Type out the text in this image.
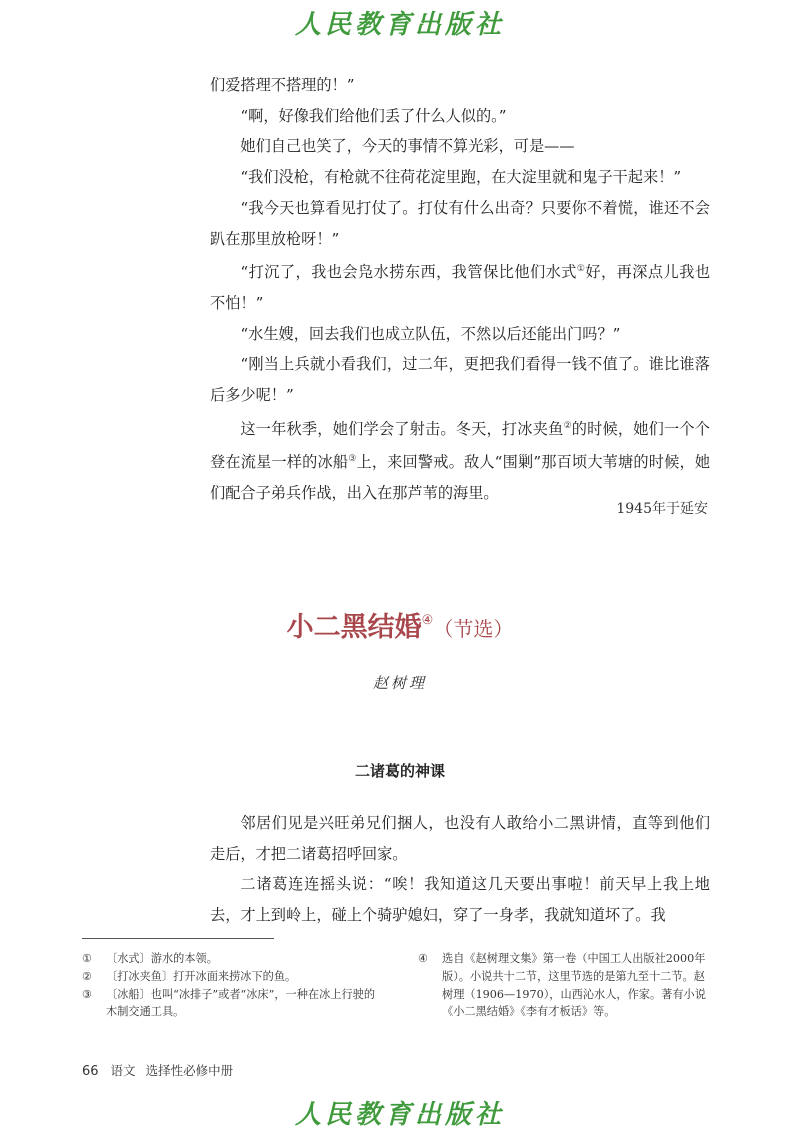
人民教育出版社

们爱搭理不搭理的！”

“啊，好像我们给他们丢了什么人似的。”

她们自己也笑了，今天的事情不算光彩，可是——

“我们没枪，有枪就不往荷花淀里跑，在大淀里就和鬼子干起来！”

“我今天也算看见打仗了。打仗有什么出奇？只要你不着慌，谁还不会趴在那里放枪呀！”

“打沉了，我也会凫水捞东西，我管保比他们水式①好，再深点儿我也不怕！”

“水生嫂，回去我们也成立队伍，不然以后还能出门吗？”

“刚当上兵就小看我们，过二年，更把我们看得一钱不值了。谁比谁落后多少呢！”

这一年秋季，她们学会了射击。冬天，打冰夹鱼②的时候，她们一个个登在流星一样的冰船③上，来回警戒。敌人“围剿”那百顷大苇塘的时候，她们配合子弟兵作战，出入在那芦苇的海里。

1945年于延安
小二黑结婚④（节选）
赵树理
二诸葛的神课

邻居们见是兴旺弟兄们捆人，也没有人敢给小二黑讲情，直等到他们走后，才把二诸葛招呼回家。

二诸葛连连摇头说：“唉！我知道这几天要出事啦！前天早上我上地去，才上到岭上，碰上个骑驴媳妇，穿了一身孝，我就知道坏了。我

① 〔水式〕游水的本领。
② 〔打冰夹鱼〕打开冰面来捞冰下的鱼。
③ 〔冰船〕也叫“冰排子”或者“冰床”，一种在冰上行驶的木制交通工具。
④ 选自《赵树理文集》第一卷（中国工人出版社2000年版）。小说共十二节，这里节选的是第九至十二节。赵树理（1906—1970），山西沁水人，作家。著有小说《小二黑结婚》《李有才板话》等。
66 语文 选择性必修中册
人民教育出版社
